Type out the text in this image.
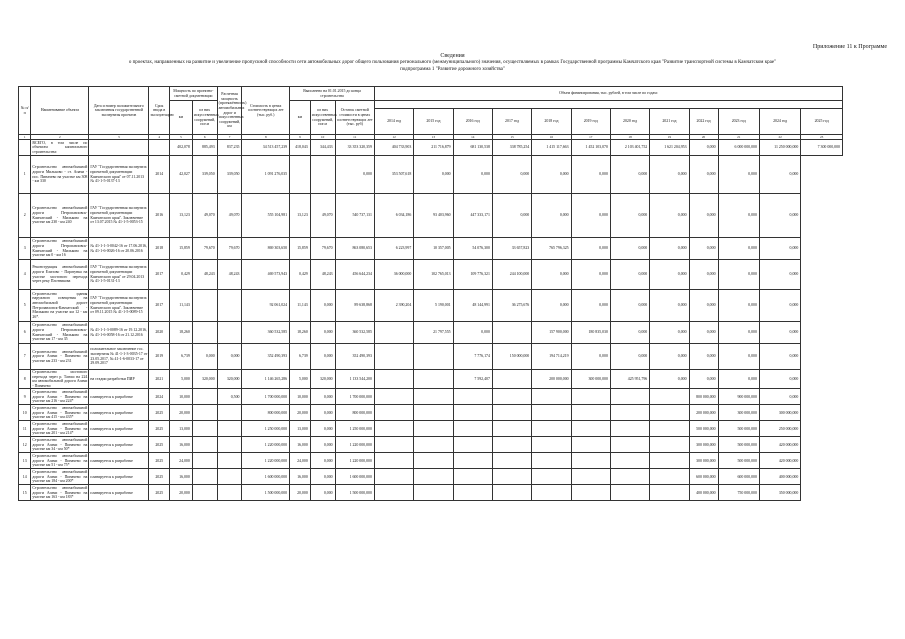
Приложение 11 к Программе
Сведения
о проектах, направленных на развитие и увеличение пропускной способности сети автомобильных дорог общего пользования регионального (межмуниципального) значения, осуществляемых в рамках Государственной программы Камчатского края "Развитие транспортной системы в Камчатском крае"
подпрограмма 1 "Развитие дорожного хозяйства"
№ п/п	Наименование объекта	Дата и номер положительного заключения государственной экспертизы проектов	Срок ввода в эксплуатацию	Мощность по проектно-сметной документации		Расчетная мощность (протяжённость) автомобильных дорог и искусственных сооружений, км	Стоимость в ценах соответствующих лет (тыс. руб.)	Выполнено на 01.01.2015 до конца строительства			Объем финансирования, тыс. рублей, в том числе по годам:											
				км	из них искусственных сооружений, пог.м			км	из них искусственных сооружений, пог.м	Остаток сметной стоимости в ценах соответствующих лет (тыс. руб)												
											2014 год	2015 год	2016 год	2017 год	2018 год	2019 год	2020 год	2021 год	2022 год	2023 год	2024 год	2025 год
1	2	3	4	5	6	7	8	9	10	11	12	13	14	15	16	17	18	19	20	21	22	23
	ВСЕГО, в том числе по объектам капитального строительства:			402,078	885,493	837,235	34 513 457,239	418,043	344,433	33 353 320,359	404 733,903	211 716,879	681 130,538	338 785,254	1 415 117,663	1 452 103,070	2 103 401,752	1 621 204,953	0,000	6 000 000,000	11 250 000,000	7 300 000,000
1	Строительство автомобильной дороги Мильково - ст. Апачи - пос. Пиначево на участке км 308 - км 330	ГАУ "Государственная экспертиза проектной документации Камчатского края" от 07.11.2013 № 41-1-5-0137-13	2014	42,027	339,050	339,050	1 091 276,035			0,000	353 507,618	0,000	0,000	0,000	0,000	0,000	0,000	0,000	0,000	0,000	0,000	
2	Строительство автомобильной дороги Петропавловск-Камчатский - Мильково на участке км 230 - км 240	ГАУ "Государственная экспертиза проектной документации Камчатского края". Заключение от 13.07.2015 № 41-1-5-0053-15	2016	13,123	49,070	49,070	555 104,981	13,123	49,070	540 737,131	6 034,186	93 403,960	447 333,171	0,000	0,000	0,000	0,000	0,000	0,000	0,000	0,000	
3	Строительство автомобильной дороги Петропавловск-Камчатский - Мильково на участке км 0 - км 16	№ 41-1-1-3-0042-16 от 17.06.2016, № 41-1-6-0026-16 от 20.06.2016	2018	15,859	79,670	79,670	869 303,650	15,859	79,670	863 080,653	6 223,997	10 357,005	54 076,300	33 657,823	765 796,325	0,000	0,000	0,000	0,000	0,000	0,000	
4	Реконструкция автомобильной дороги Елизово - Паратунка на участке мостового перехода через реку Плотникова	ГАУ "Государственная экспертиза проектной документации Камчатского края" от 29.04.2013 № 41-1-5-0131-13	2017	0,429	48,243	48,243	469 573,943	0,429	48,243	456 644,234	36 000,000	102 765,013	109 776,321	244 100,000	0,000	0,000	0,000	0,000	0,000	0,000	0,000	
5	Строительство здания наружного освещения на автомобильной дороге Петропавловск-Камчатский - Мильково на участке км 12 - км 26*.	ГАУ "Государственная экспертиза проектной документации Камчатского края". Заключение от 09.11.2015 № 41-1-5-0089-15	2017	11,143			92 061,024	11,143	0,000	89 638,868	2 390,204	5 190,001	48 144,991	36 275,676	0,000	0,000	0,000	0,000	0,000	0,000	0,000	
6	Строительство автомобильной дороги Петропавловск-Камчатский - Мильково на участке км 17 - км 35	№ 41-1-1-3-0089-16 от 19.12.2016, № 41-1-6-0058-16 от 21.12.2016	2020	18,260			360 532,585	18,260	0,000	360 532,585		21 797,555	0,000		157 900,000	180 835,030	0,000	0,000	0,000	0,000	0,000	
7	Строительство автомобильной дороги Апачи - Пиначево на участке км 233 - км 231	положительное заключение гос. экспертизы № 41-1-1-3-0035-17 от 23.05.2017, № 41-1-6-0033-17 от 29.09.2017	2019	6,739	0,000	0,000	352 490,393	6,739	0,000	352 490,393			7 776,174	150 000,000	194 714,219	0,000	0,000	0,000	0,000	0,000	0,000	
8	Строительство мостового перехода через р. Тагиш на 224 км автомобильной дороги Апачи - Пиначево	на стадии разработки ПИР	2021	5,000	320,000	320,000	1 146 265,286	5,000	320,000	1 133 544,200			7 592,407		200 000,000	300 000,000	425 951,796	0,000	0,000	0,000	0,000	
9	Строительство автомобильной дороги Апачи - Пиначево на участке км 216 - км 224*	планируется к разработке	2024	10,000		0,500	1 700 000,000	10,000	0,000	1 700 000,000									800 000,000	900 000,000	0,000	
10	Строительство автомобильной дороги Апачи - Пиначево на участке км 415 - км 435*	планируется к разработке	2025	20,000			800 000,000	20,000	0,000	800 000,000									200 000,000	300 000,000	300 000,000	
11	Строительство автомобильной дороги Апачи - Пиначево на участке км 201 - км 214*	планируется к разработке	2025	13,000			1 250 000,000	13,000	0,000	1 250 000,000									500 000,000	500 000,000	250 000,000	
12	Строительство автомобильной дороги Апачи - Пиначево на участке км 34 - км 50*	планируется к разработке	2025	16,000			1 220 000,000	16,000	0,000	1 220 000,000									300 000,000	500 000,000	420 000,000	
13	Строительство автомобильной дороги Апачи - Пиначево на участке км 51 - км 75*	планируется к разработке	2025	24,000			1 220 000,000	24,000	0,000	1 220 000,000									300 000,000	500 000,000	420 000,000	
14	Строительство автомобильной дороги Апачи - Пиначево на участке км 184 - км 200*	планируется к разработке	2025	16,000			1 600 000,000	16,000	0,000	1 600 000,000									600 000,000	600 000,000	400 000,000	
15	Строительство автомобильной дороги Апачи - Пиначево на участке км 163 - км 183*	планируется к разработке	2025	20,000			1 500 000,000	20,000	0,000	1 500 000,000									400 000,000	750 000,000	350 000,000	
